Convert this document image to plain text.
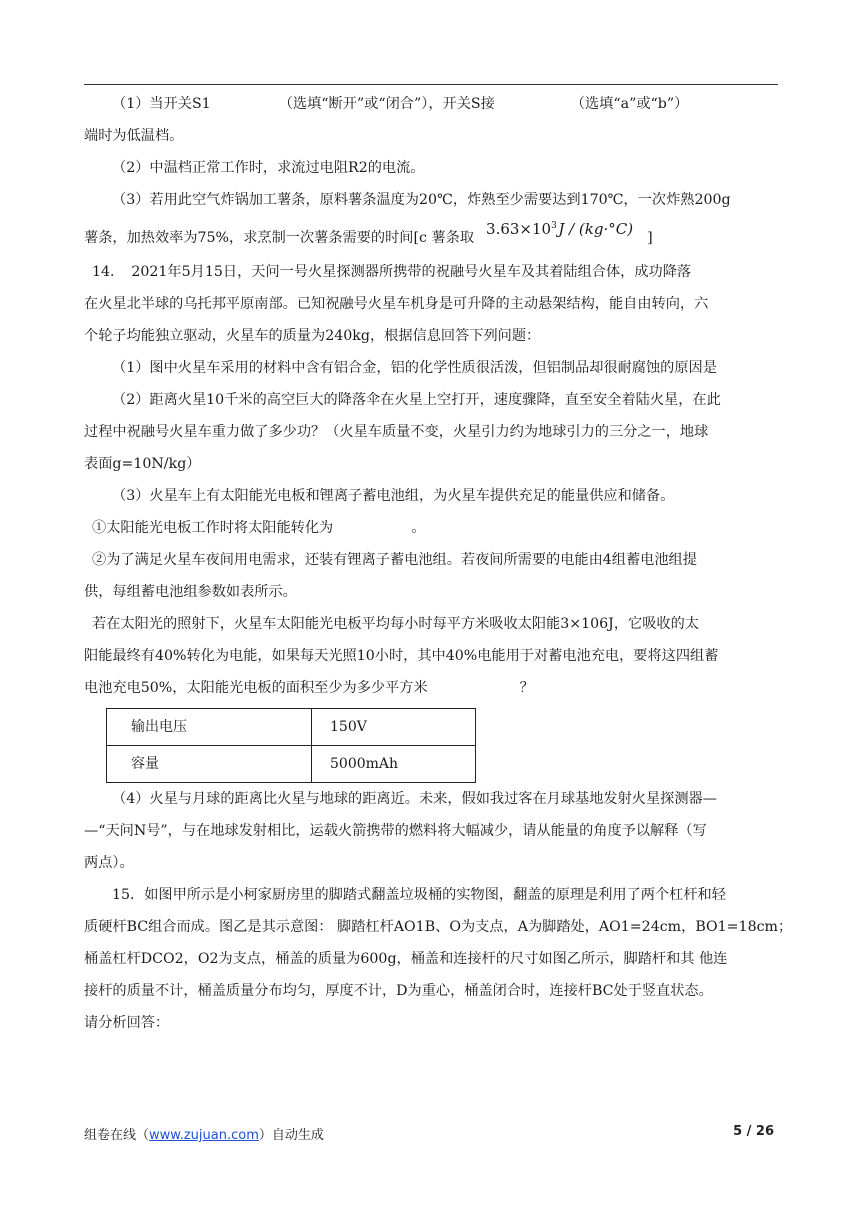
（1）当开关S1	（选填“断开”或“闭合”），开关S接	（选填“a”或“b”）

端时为低温档。

（2）中温档正常工作时，求流过电阻R2的电流。

（3）若用此空气炸锅加工薯条，原料薯条温度为20℃，炸熟至少需要达到170℃，一次炸熟200g

薯条，加热效率为75%，求烹制一次薯条需要的时间[c 薯条取 $3.63\times 10^3$  J / (kg·°C) ]

14．　2021年5月15日，天问一号火星探测器所携带的祝融号火星车及其着陆组合体，成功降落

在火星北半球的乌托邦平原南部。已知祝融号火星车机身是可升降的主动悬架结构，能自由转向，六

个轮子均能独立驱动，火星车的质量为240kg，根据信息回答下列问题：

（1）图中火星车采用的材料中含有铝合金，铝的化学性质很活泼，但铝制品却很耐腐蚀的原因是

（2）距离火星10千米的高空巨大的降落伞在火星上空打开，速度骤降，直至安全着陆火星，在此

过程中祝融号火星车重力做了多少功？（火星车质量不变，火星引力约为地球引力的三分之一，地球

表面g=10N/kg）

（3）火星车上有太阳能光电板和锂离子蓄电池组，为火星车提供充足的能量供应和储备。

①太阳能光电板工作时将太阳能转化为	。

②为了满足火星车夜间用电需求，还装有锂离子蓄电池组。若夜间所需要的电能由4组蓄电池组提

供，每组蓄电池组参数如表所示。

若在太阳光的照射下，火星车太阳能光电板平均每小时每平方米吸收太阳能3×106J，它吸收的太

阳能最终有40%转化为电能，如果每天光照10小时，其中40%电能用于对蓄电池充电，要将这四组蓄

电池充电50%，太阳能光电板的面积至少为多少平方米	？

输出电压	150V
容量	5000mAh

（4）火星与月球的距离比火星与地球的距离近。未来，假如我过客在月球基地发射火星探测器—

—“天问N号”，与在地球发射相比，运载火箭携带的燃料将大幅减少，请从能量的角度予以解释（写

两点）。

15．如图甲所示是小柯家厨房里的脚踏式翻盖垃圾桶的实物图，翻盖的原理是利用了两个杠杆和轻

质硬杆BC组合而成。图乙是其示意图： 脚踏杠杆AO1B、O为支点，A为脚踏处，AO1=24cm，BO1=18cm；

桶盖杠杆DCO2，O2为支点，桶盖的质量为600g，桶盖和连接杆的尺寸如图乙所示，脚踏杆和其 他连

接杆的质量不计，桶盖质量分布均匀，厚度不计，D为重心，桶盖闭合时，连接杆BC处于竖直状态。

请分析回答：

组卷在线（www.zujuan.com）自动生成	5 / 26
